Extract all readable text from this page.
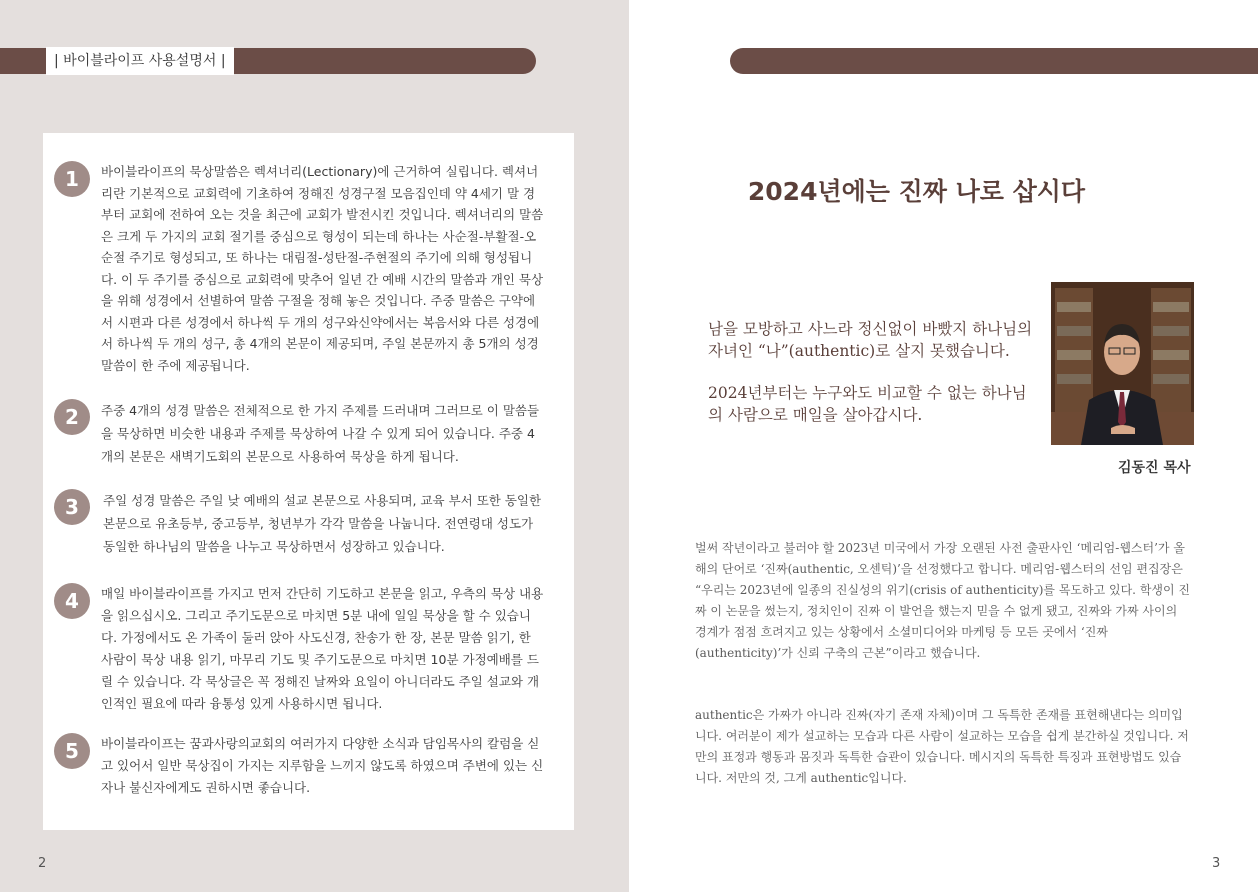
| 바이블라이프 사용설명서 |
1	바이블라이프의 묵상말씀은 렉셔너리(Lectionary)에 근거하여 실립니다. 렉셔너리란 기본적으로 교회력에 기초하여 정해진 성경구절 모음집인데 약 4세기 말 경부터 교회에 전하여 오는 것을 최근에 교회가 발전시킨 것입니다. 렉셔너리의 말씀은 크게 두 가지의 교회 절기를 중심으로 형성이 되는데 하나는 사순절-부활절-오순절 주기로 형성되고, 또 하나는 대림절-성탄절-주현절의 주기에 의해 형성됩니다. 이 두 주기를 중심으로 교회력에 맞추어 일년 간 예배 시간의 말씀과 개인 묵상을 위해 성경에서 선별하여 말씀 구절을 정해 놓은 것입니다. 주중 말씀은 구약에서 시편과 다른 성경에서 하나씩 두 개의 성구와신약에서는 복음서와 다른 성경에서 하나씩 두 개의 성구, 총 4개의 본문이 제공되며, 주일 본문까지 총 5개의 성경 말씀이 한 주에 제공됩니다.
2	주중 4개의 성경 말씀은 전체적으로 한 가지 주제를 드러내며 그러므로 이 말씀들을 묵상하면 비슷한 내용과 주제를 묵상하여 나갈 수 있게 되어 있습니다. 주중 4개의 본문은 새벽기도회의 본문으로 사용하여 묵상을 하게 됩니다.
3	주일 성경 말씀은 주일 낮 예배의 설교 본문으로 사용되며, 교육 부서 또한 동일한 본문으로 유초등부, 중고등부, 청년부가 각각 말씀을 나눕니다. 전연령대 성도가 동일한 하나님의 말씀을 나누고 묵상하면서 성장하고 있습니다.
4	매일 바이블라이프를 가지고 먼저 간단히 기도하고 본문을 읽고, 우측의 묵상 내용을 읽으십시오. 그리고 주기도문으로 마치면 5분 내에 일일 묵상을 할 수 있습니다. 가정에서도 온 가족이 둘러 앉아 사도신경, 찬송가 한 장, 본문 말씀 읽기, 한 사람이 묵상 내용 읽기, 마무리 기도 및 주기도문으로 마치면 10분 가정예배를 드릴 수 있습니다. 각 묵상글은 꼭 정해진 날짜와 요일이 아니더라도 주일 설교와 개인적인 필요에 따라 융통성 있게 사용하시면 됩니다.
5	바이블라이프는 꿈과사랑의교회의 여러가지 다양한 소식과 담임목사의 칼럼을 싣고 있어서 일반 묵상집이 가지는 지루함을 느끼지 않도록 하였으며 주변에 있는 신자나 불신자에게도 권하시면 좋습니다.
2	3
2024년에는 진짜 나로 삽시다

남을 모방하고 사느라 정신없이 바빴지 하나님의 자녀인 “나”(authentic)로 살지 못했습니다.

2024년부터는 누구와도 비교할 수 없는 하나님의 사람으로 매일을 살아갑시다.

김동진 목사

벌써 작년이라고 불러야 할 2023년 미국에서 가장 오랜된 사전 출판사인 ‘메리엄-웹스터’가 올해의 단어로 ‘진짜(authentic, 오센틱)’을 선정했다고 합니다. 메리엄-웹스터의 선임 편집장은 “우리는 2023년에 일종의 진실성의 위기(crisis of authenticity)를 목도하고 있다. 학생이 진짜 이 논문을 썼는지, 정치인이 진짜 이 발언을 했는지 믿을 수 없게 됐고, 진짜와 가짜 사이의 경계가 점점 흐려지고 있는 상황에서 소셜미디어와 마케팅 등 모든 곳에서 ‘진짜(authenticity)’가 신뢰 구축의 근본”이라고 했습니다.

authentic은 가짜가 아니라 진짜(자기 존재 자체)이며 그 독특한 존재를 표현해낸다는 의미입니다. 여러분이 제가 설교하는 모습과 다른 사람이 설교하는 모습을 쉽게 분간하실 것입니다. 저만의 표정과 행동과 몸짓과 독특한 습관이 있습니다. 메시지의 독특한 특징과 표현방법도 있습니다. 저만의 것, 그게 authentic입니다.
